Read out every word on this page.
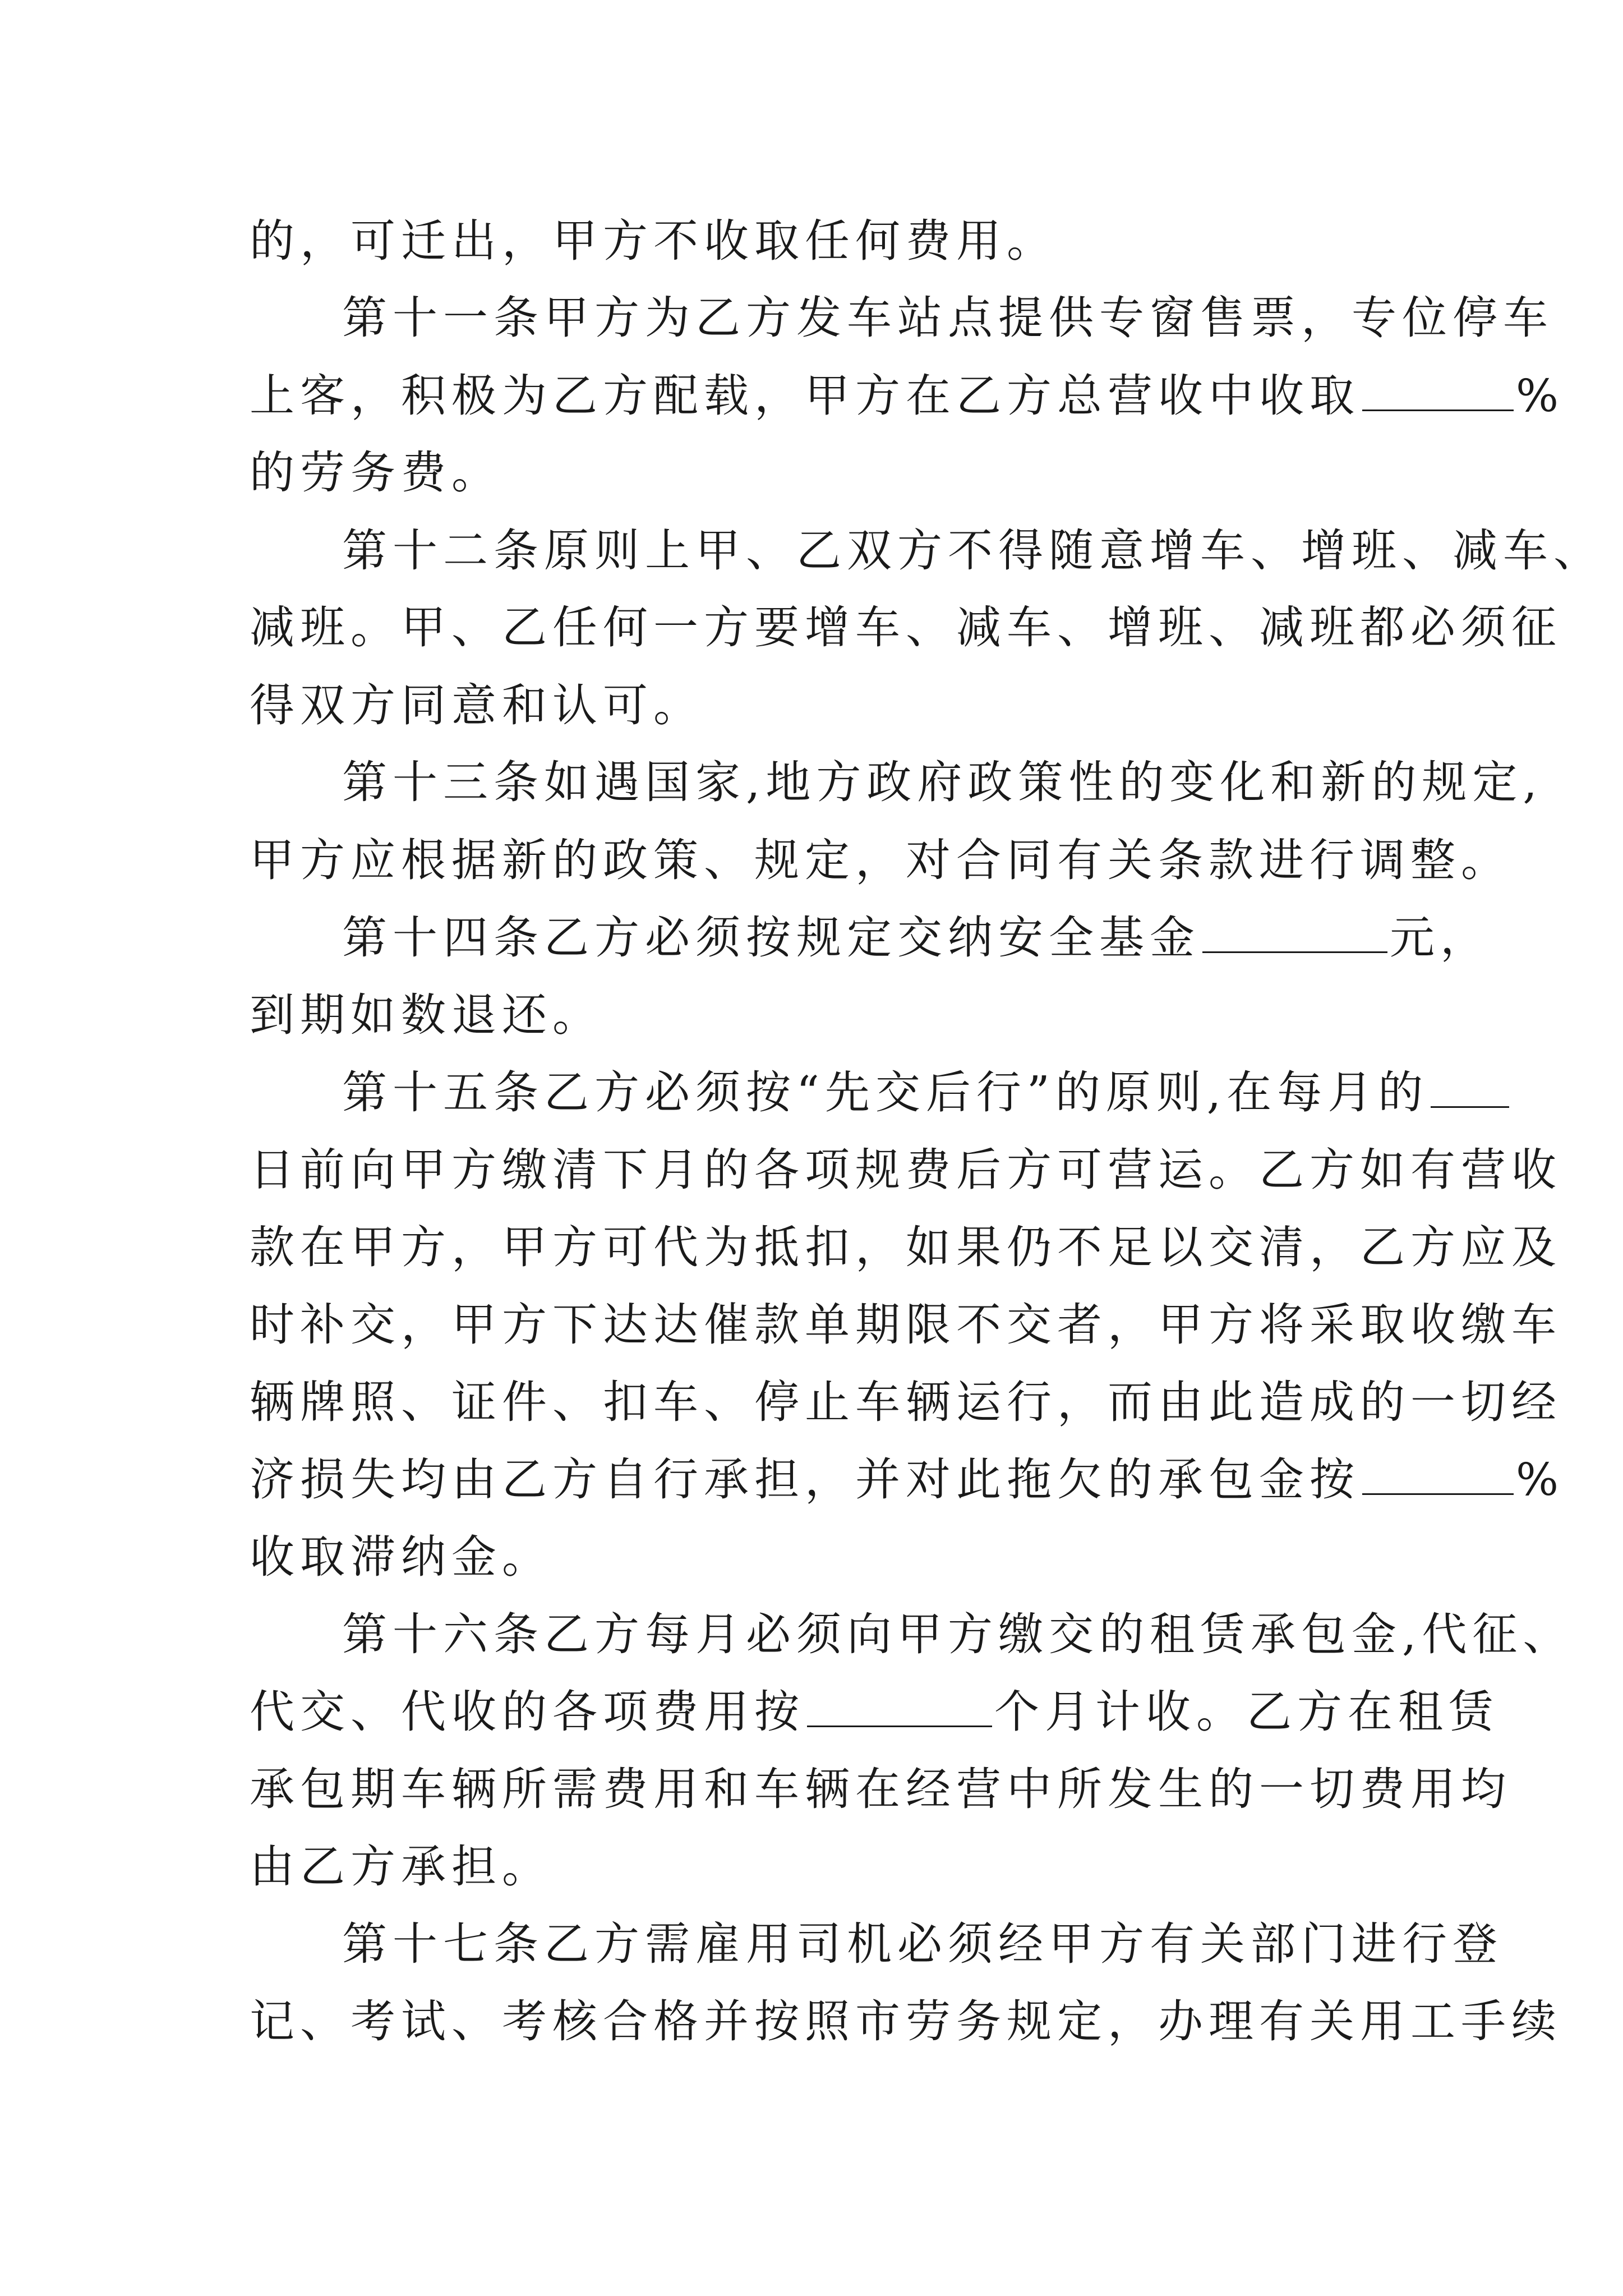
的，可迁出，甲方不收取任何费用。

第十一条甲方为乙方发车站点提供专窗售票，专位停车

上客，积极为乙方配载，甲方在乙方总营收中收取	%

的劳务费。

第十二条原则上甲、乙双方不得随意增车、增班、减车、

减班。甲、乙任何一方要增车、减车、增班、减班都必须征

得双方同意和认可。

第十三条如遇国家,地方政府政策性的变化和新的规定,

甲方应根据新的政策、规定，对合同有关条款进行调整。

第十四条乙方必须按规定交纳安全基金	元，

到期如数退还。

第十五条乙方必须按“先交后行”的原则,在每月的

日前向甲方缴清下月的各项规费后方可营运。乙方如有营收

款在甲方，甲方可代为抵扣，如果仍不足以交清，乙方应及

时补交，甲方下达达催款单期限不交者，甲方将采取收缴车

辆牌照、证件、扣车、停止车辆运行，而由此造成的一切经

济损失均由乙方自行承担，并对此拖欠的承包金按	%

收取滞纳金。

第十六条乙方每月必须向甲方缴交的租赁承包金,代征、

代交、代收的各项费用按	个月计收。乙方在租赁

承包期车辆所需费用和车辆在经营中所发生的一切费用均

由乙方承担。

第十七条乙方需雇用司机必须经甲方有关部门进行登

记、考试、考核合格并按照市劳务规定，办理有关用工手续
